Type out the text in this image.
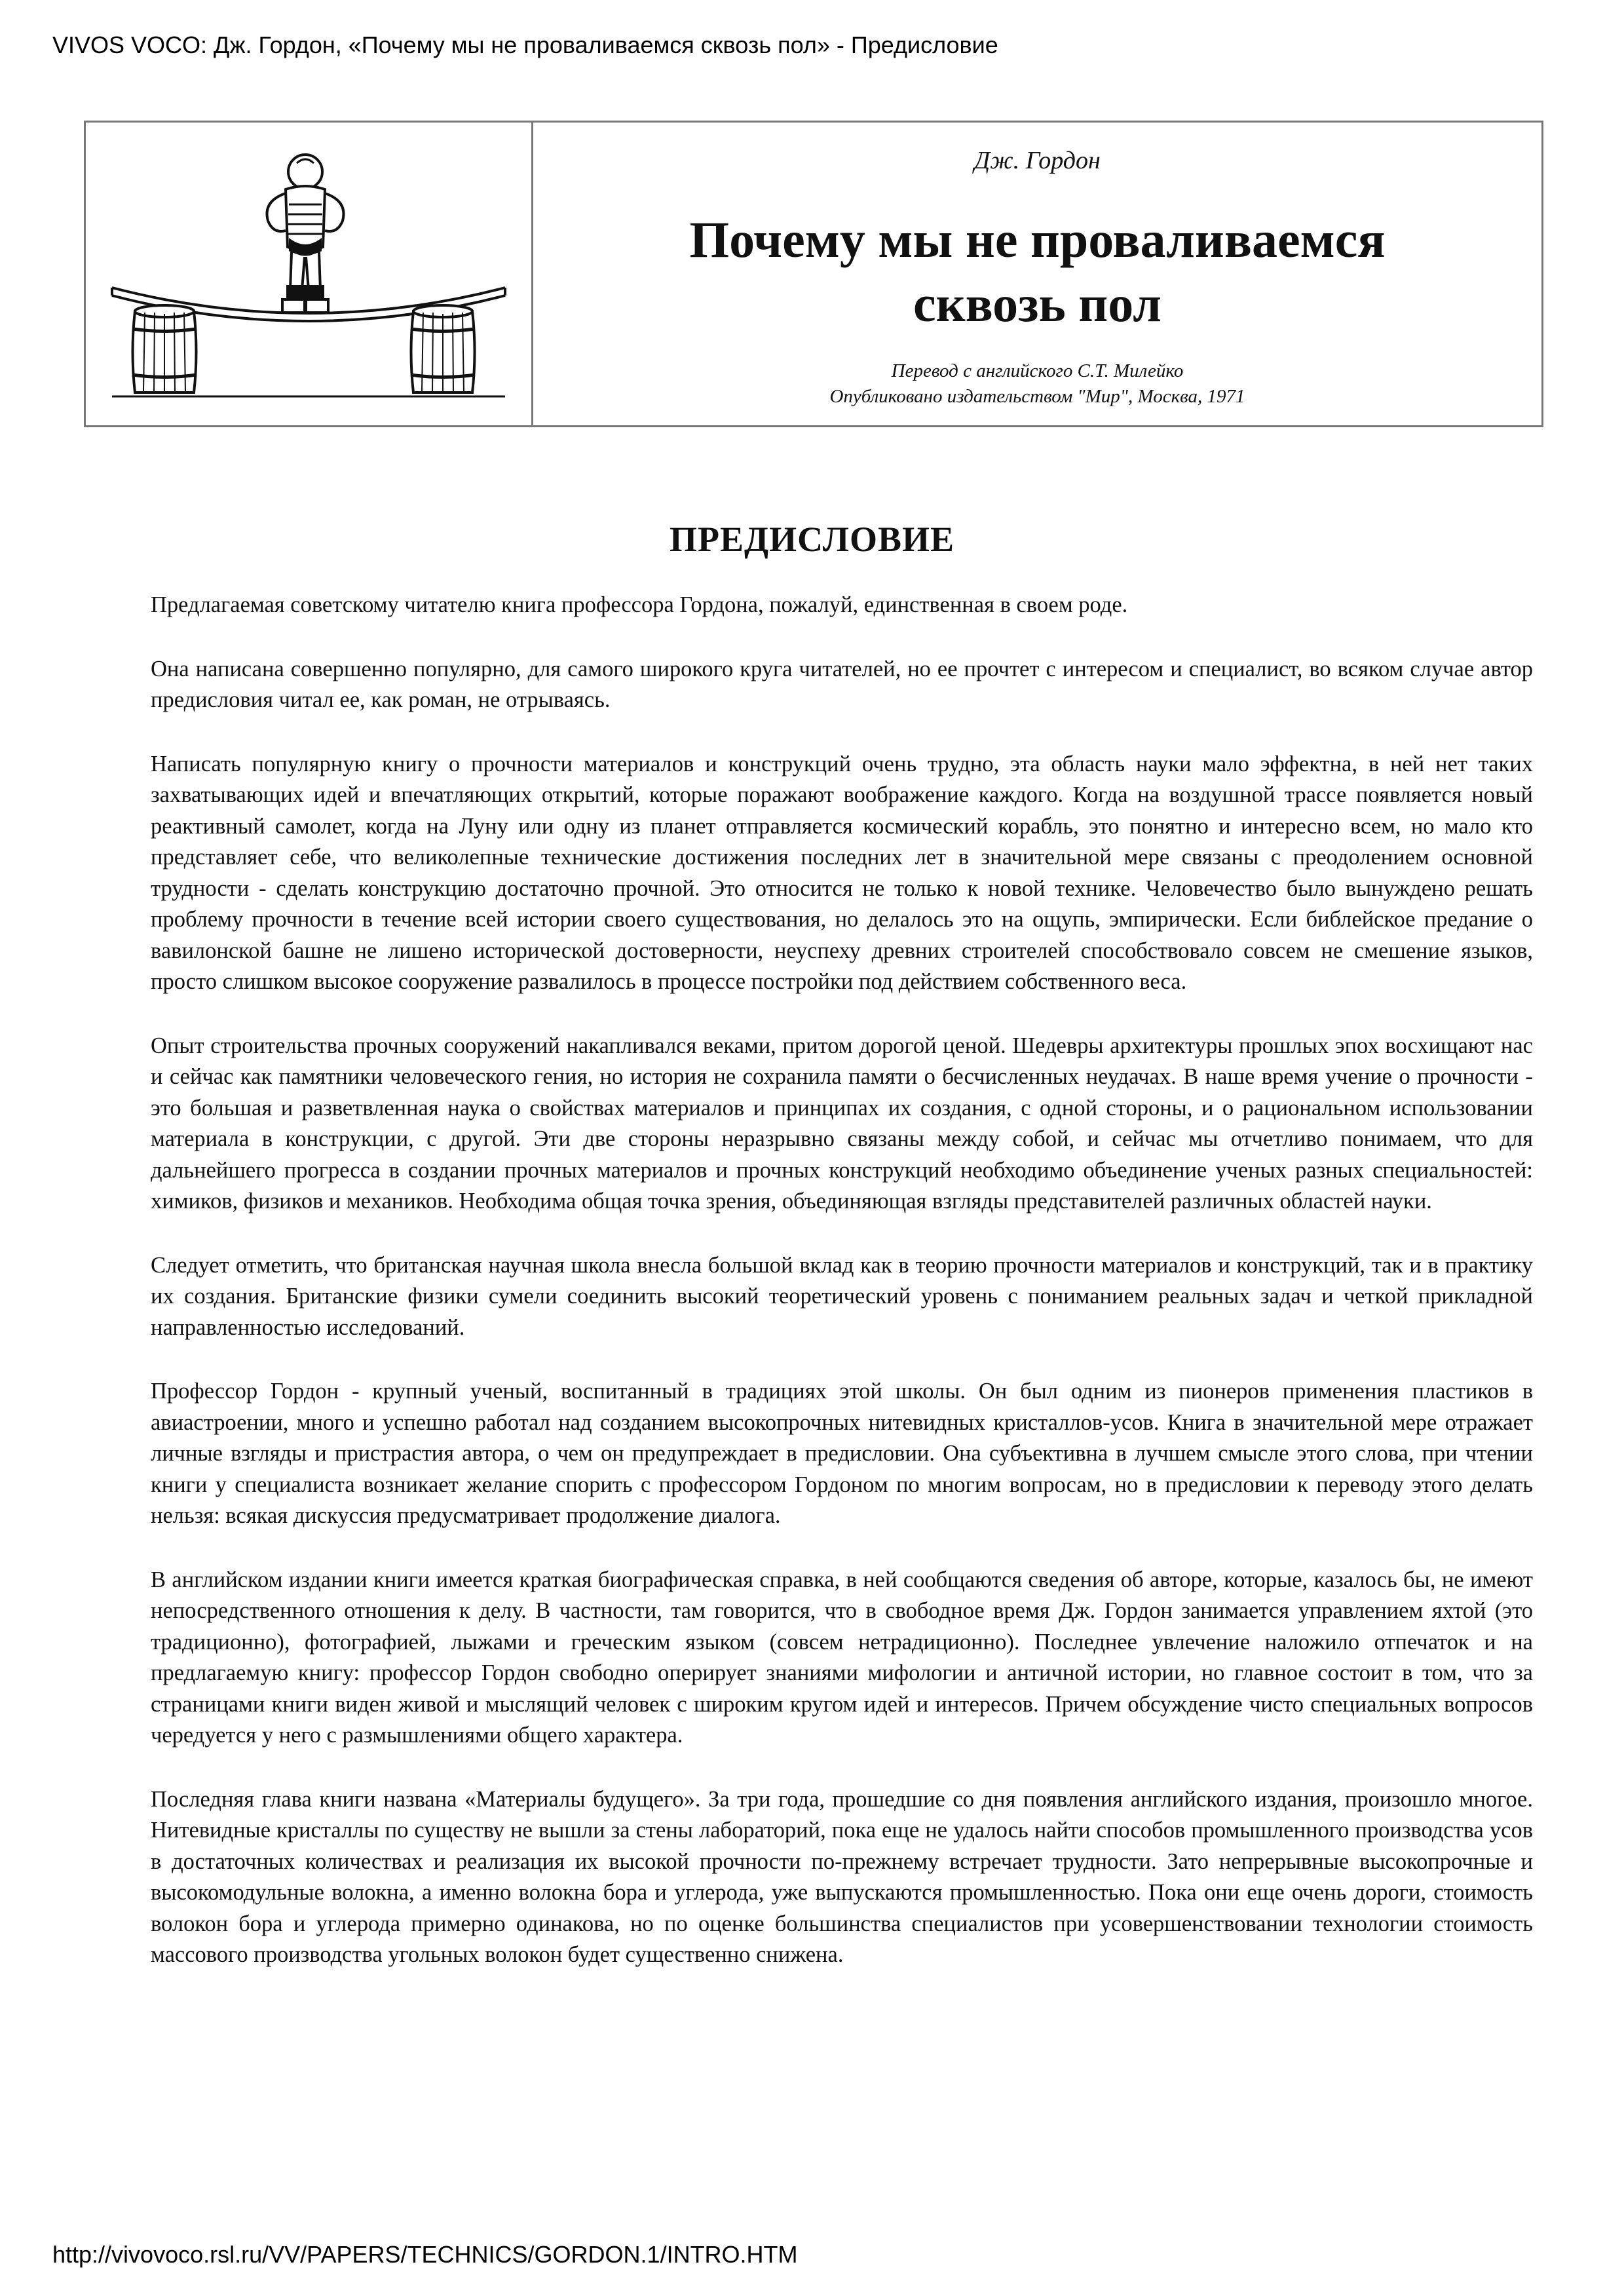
VIVOS VOCO: Дж. Гордон, «Почему мы не проваливаемся сквозь пол» - Предисловие
Дж. Гордон
Почему мы не проваливаемся
сквозь пол
Перевод с английского С.Т. Милейко
Опубликовано издательством "Мир", Москва, 1971
ПРЕДИСЛОВИЕ

Предлагаемая советскому читателю книга профессора Гордона, пожалуй, единственная в своем роде.

Она написана совершенно популярно, для самого широкого круга читателей, но ее прочтет с интересом и специалист, во всяком случае автор предисловия читал ее, как роман, не отрываясь.

Написать популярную книгу о прочности материалов и конструкций очень трудно, эта область науки мало эффектна, в ней нет таких захватывающих идей и впечатляющих открытий, которые поражают воображение каждого. Когда на воздушной трассе появляется новый реактивный самолет, когда на Луну или одну из планет отправляется космический корабль, это понятно и интересно всем, но мало кто представляет себе, что великолепные технические достижения последних лет в значительной мере связаны с преодолением основной трудности - сделать конструкцию достаточно прочной. Это относится не только к новой технике. Человечество было вынуждено решать проблему прочности в течение всей истории своего существования, но делалось это на ощупь, эмпирически. Если библейское предание о вавилонской башне не лишено исторической достоверности, неуспеху древних строителей способствовало совсем не смешение языков, просто слишком высокое сооружение развалилось в процессе постройки под действием собственного веса.

Опыт строительства прочных сооружений накапливался веками, притом дорогой ценой. Шедевры архитектуры прошлых эпох восхищают нас и сейчас как памятники человеческого гения, но история не сохранила памяти о бесчисленных неудачах. В наше время учение о прочности - это большая и разветвленная наука о свойствах материалов и принципах их создания, с одной стороны, и о рациональном использовании материала в конструкции, с другой. Эти две стороны неразрывно связаны между собой, и сейчас мы отчетливо понимаем, что для дальнейшего прогресса в создании прочных материалов и прочных конструкций необходимо объединение ученых разных специальностей: химиков, физиков и механиков. Необходима общая точка зрения, объединяющая взгляды представителей различных областей науки.

Следует отметить, что британская научная школа внесла большой вклад как в теорию прочности материалов и конструкций, так и в практику их создания. Британские физики сумели соединить высокий теоретический уровень с пониманием реальных задач и четкой прикладной направленностью исследований.

Профессор Гордон - крупный ученый, воспитанный в традициях этой школы. Он был одним из пионеров применения пластиков в авиастроении, много и успешно работал над созданием высокопрочных нитевидных кристаллов-усов. Книга в значительной мере отражает личные взгляды и пристрастия автора, о чем он предупреждает в предисловии. Она субъективна в лучшем смысле этого слова, при чтении книги у специалиста возникает желание спорить с профессором Гордоном по многим вопросам, но в предисловии к переводу этого делать нельзя: всякая дискуссия предусматривает продолжение диалога.

В английском издании книги имеется краткая биографическая справка, в ней сообщаются сведения об авторе, которые, казалось бы, не имеют непосредственного отношения к делу. В частности, там говорится, что в свободное время Дж. Гордон занимается управлением яхтой (это традиционно), фотографией, лыжами и греческим языком (совсем нетрадиционно). Последнее увлечение наложило отпечаток и на предлагаемую книгу: профессор Гордон свободно оперирует знаниями мифологии и античной истории, но главное состоит в том, что за страницами книги виден живой и мыслящий человек с широким кругом идей и интересов. Причем обсуждение чисто специальных вопросов чередуется у него с размышлениями общего характера.

Последняя глава книги названа «Материалы будущего». За три года, прошедшие со дня появления английского издания, произошло многое. Нитевидные кристаллы по существу не вышли за стены лабораторий, пока еще не удалось найти способов промышленного производства усов в достаточных количествах и реализация их высокой прочности по-прежнему встречает трудности. Зато непрерывные высокопрочные и высокомодульные волокна, а именно волокна бора и углерода, уже выпускаются промышленностью. Пока они еще очень дороги, стоимость волокон бора и углерода примерно одинакова, но по оценке большинства специалистов при усовершенствовании технологии стоимость массового производства угольных волокон будет существенно снижена.

http://vivovoco.rsl.ru/VV/PAPERS/TECHNICS/GORDON.1/INTRO.HTM
